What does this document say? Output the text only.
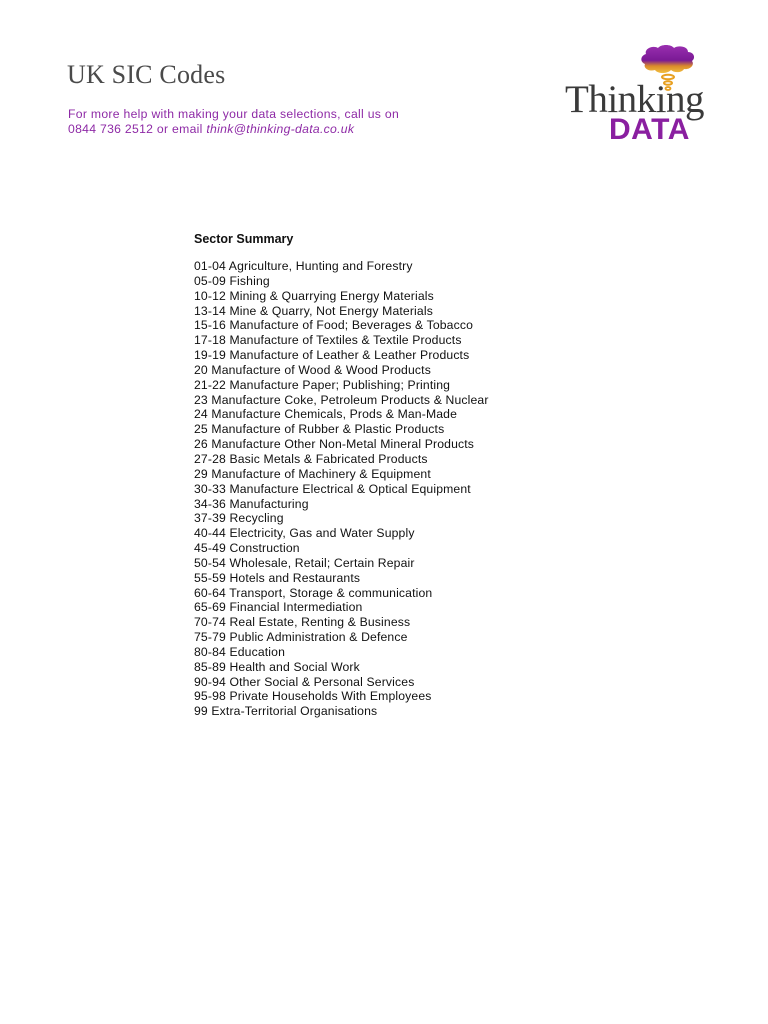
UK SIC Codes
For more help with making your data selections, call us on
0844 736 2512 or email think@thinking-data.co.uk
Thinking
DATA
Sector Summary
01-04 Agriculture, Hunting and Forestry
05-09 Fishing
10-12 Mining & Quarrying Energy Materials
13-14 Mine & Quarry, Not Energy Materials
15-16 Manufacture of Food; Beverages & Tobacco
17-18 Manufacture of Textiles & Textile Products
19-19 Manufacture of Leather & Leather Products
20 Manufacture of Wood & Wood Products
21-22 Manufacture Paper; Publishing; Printing
23 Manufacture Coke, Petroleum Products & Nuclear
24 Manufacture Chemicals, Prods & Man-Made
25 Manufacture of Rubber & Plastic Products
26 Manufacture Other Non-Metal Mineral Products
27-28 Basic Metals & Fabricated Products
29 Manufacture of Machinery & Equipment
30-33 Manufacture Electrical & Optical Equipment
34-36 Manufacturing
37-39 Recycling
40-44 Electricity, Gas and Water Supply
45-49 Construction
50-54 Wholesale, Retail; Certain Repair
55-59 Hotels and Restaurants
60-64 Transport, Storage & communication
65-69 Financial Intermediation
70-74 Real Estate, Renting & Business
75-79 Public Administration & Defence
80-84 Education
85-89 Health and Social Work
90-94 Other Social & Personal Services
95-98 Private Households With Employees
99 Extra-Territorial Organisations
